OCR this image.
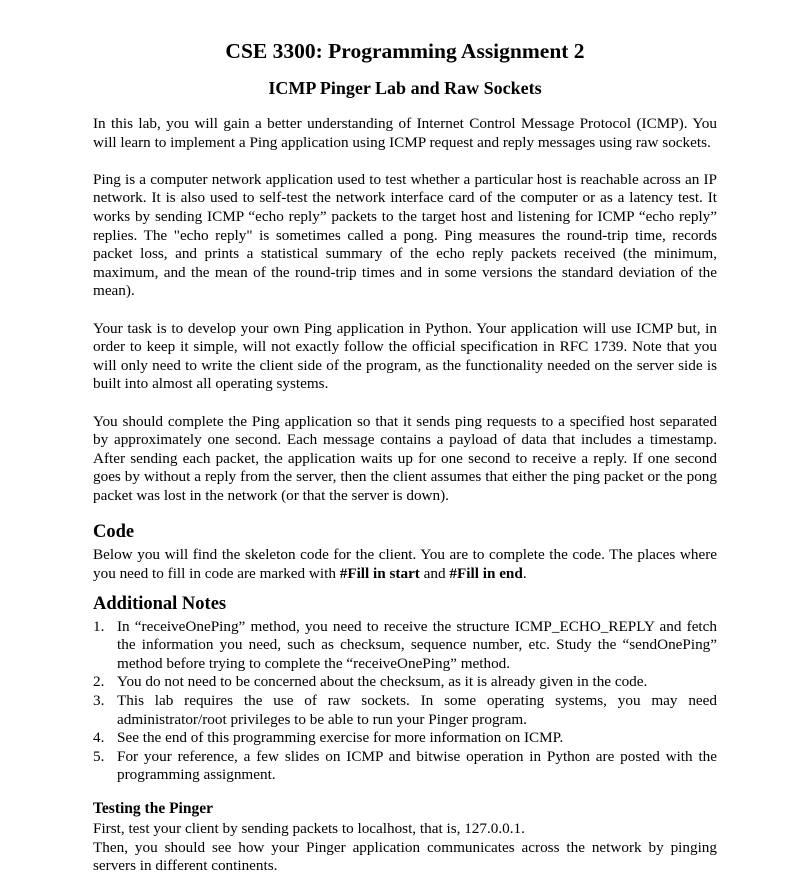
CSE 3300: Programming Assignment 2
ICMP Pinger Lab and Raw Sockets

In this lab, you will gain a better understanding of Internet Control Message Protocol (ICMP). You will learn to implement a Ping application using ICMP request and reply messages using raw sockets.

Ping is a computer network application used to test whether a particular host is reachable across an IP network. It is also used to self-test the network interface card of the computer or as a latency test. It works by sending ICMP “echo reply” packets to the target host and listening for ICMP “echo reply” replies. The "echo reply" is sometimes called a pong. Ping measures the round-trip time, records packet loss, and prints a statistical summary of the echo reply packets received (the minimum, maximum, and the mean of the round-trip times and in some versions the standard deviation of the mean).

Your task is to develop your own Ping application in Python. Your application will use ICMP but, in order to keep it simple, will not exactly follow the official specification in RFC 1739. Note that you will only need to write the client side of the program, as the functionality needed on the server side is built into almost all operating systems.

You should complete the Ping application so that it sends ping requests to a specified host separated by approximately one second. Each message contains a payload of data that includes a timestamp. After sending each packet, the application waits up for one second to receive a reply. If one second goes by without a reply from the server, then the client assumes that either the ping packet or the pong packet was lost in the network (or that the server is down).

Code

Below you will find the skeleton code for the client. You are to complete the code. The places where you need to fill in code are marked with #Fill in start and #Fill in end.

Additional Notes
1. In “receiveOnePing” method, you need to receive the structure ICMP_ECHO_REPLY and fetch the information you need, such as checksum, sequence number, etc. Study the “sendOnePing” method before trying to complete the “receiveOnePing” method.
2. You do not need to be concerned about the checksum, as it is already given in the code.
3. This lab requires the use of raw sockets. In some operating systems, you may need administrator/root privileges to be able to run your Pinger program.
4. See the end of this programming exercise for more information on ICMP.
5. For your reference, a few slides on ICMP and bitwise operation in Python are posted with the programming assignment.
Testing the Pinger

First, test your client by sending packets to localhost, that is, 127.0.0.1.

Then, you should see how your Pinger application communicates across the network by pinging servers in different continents.
